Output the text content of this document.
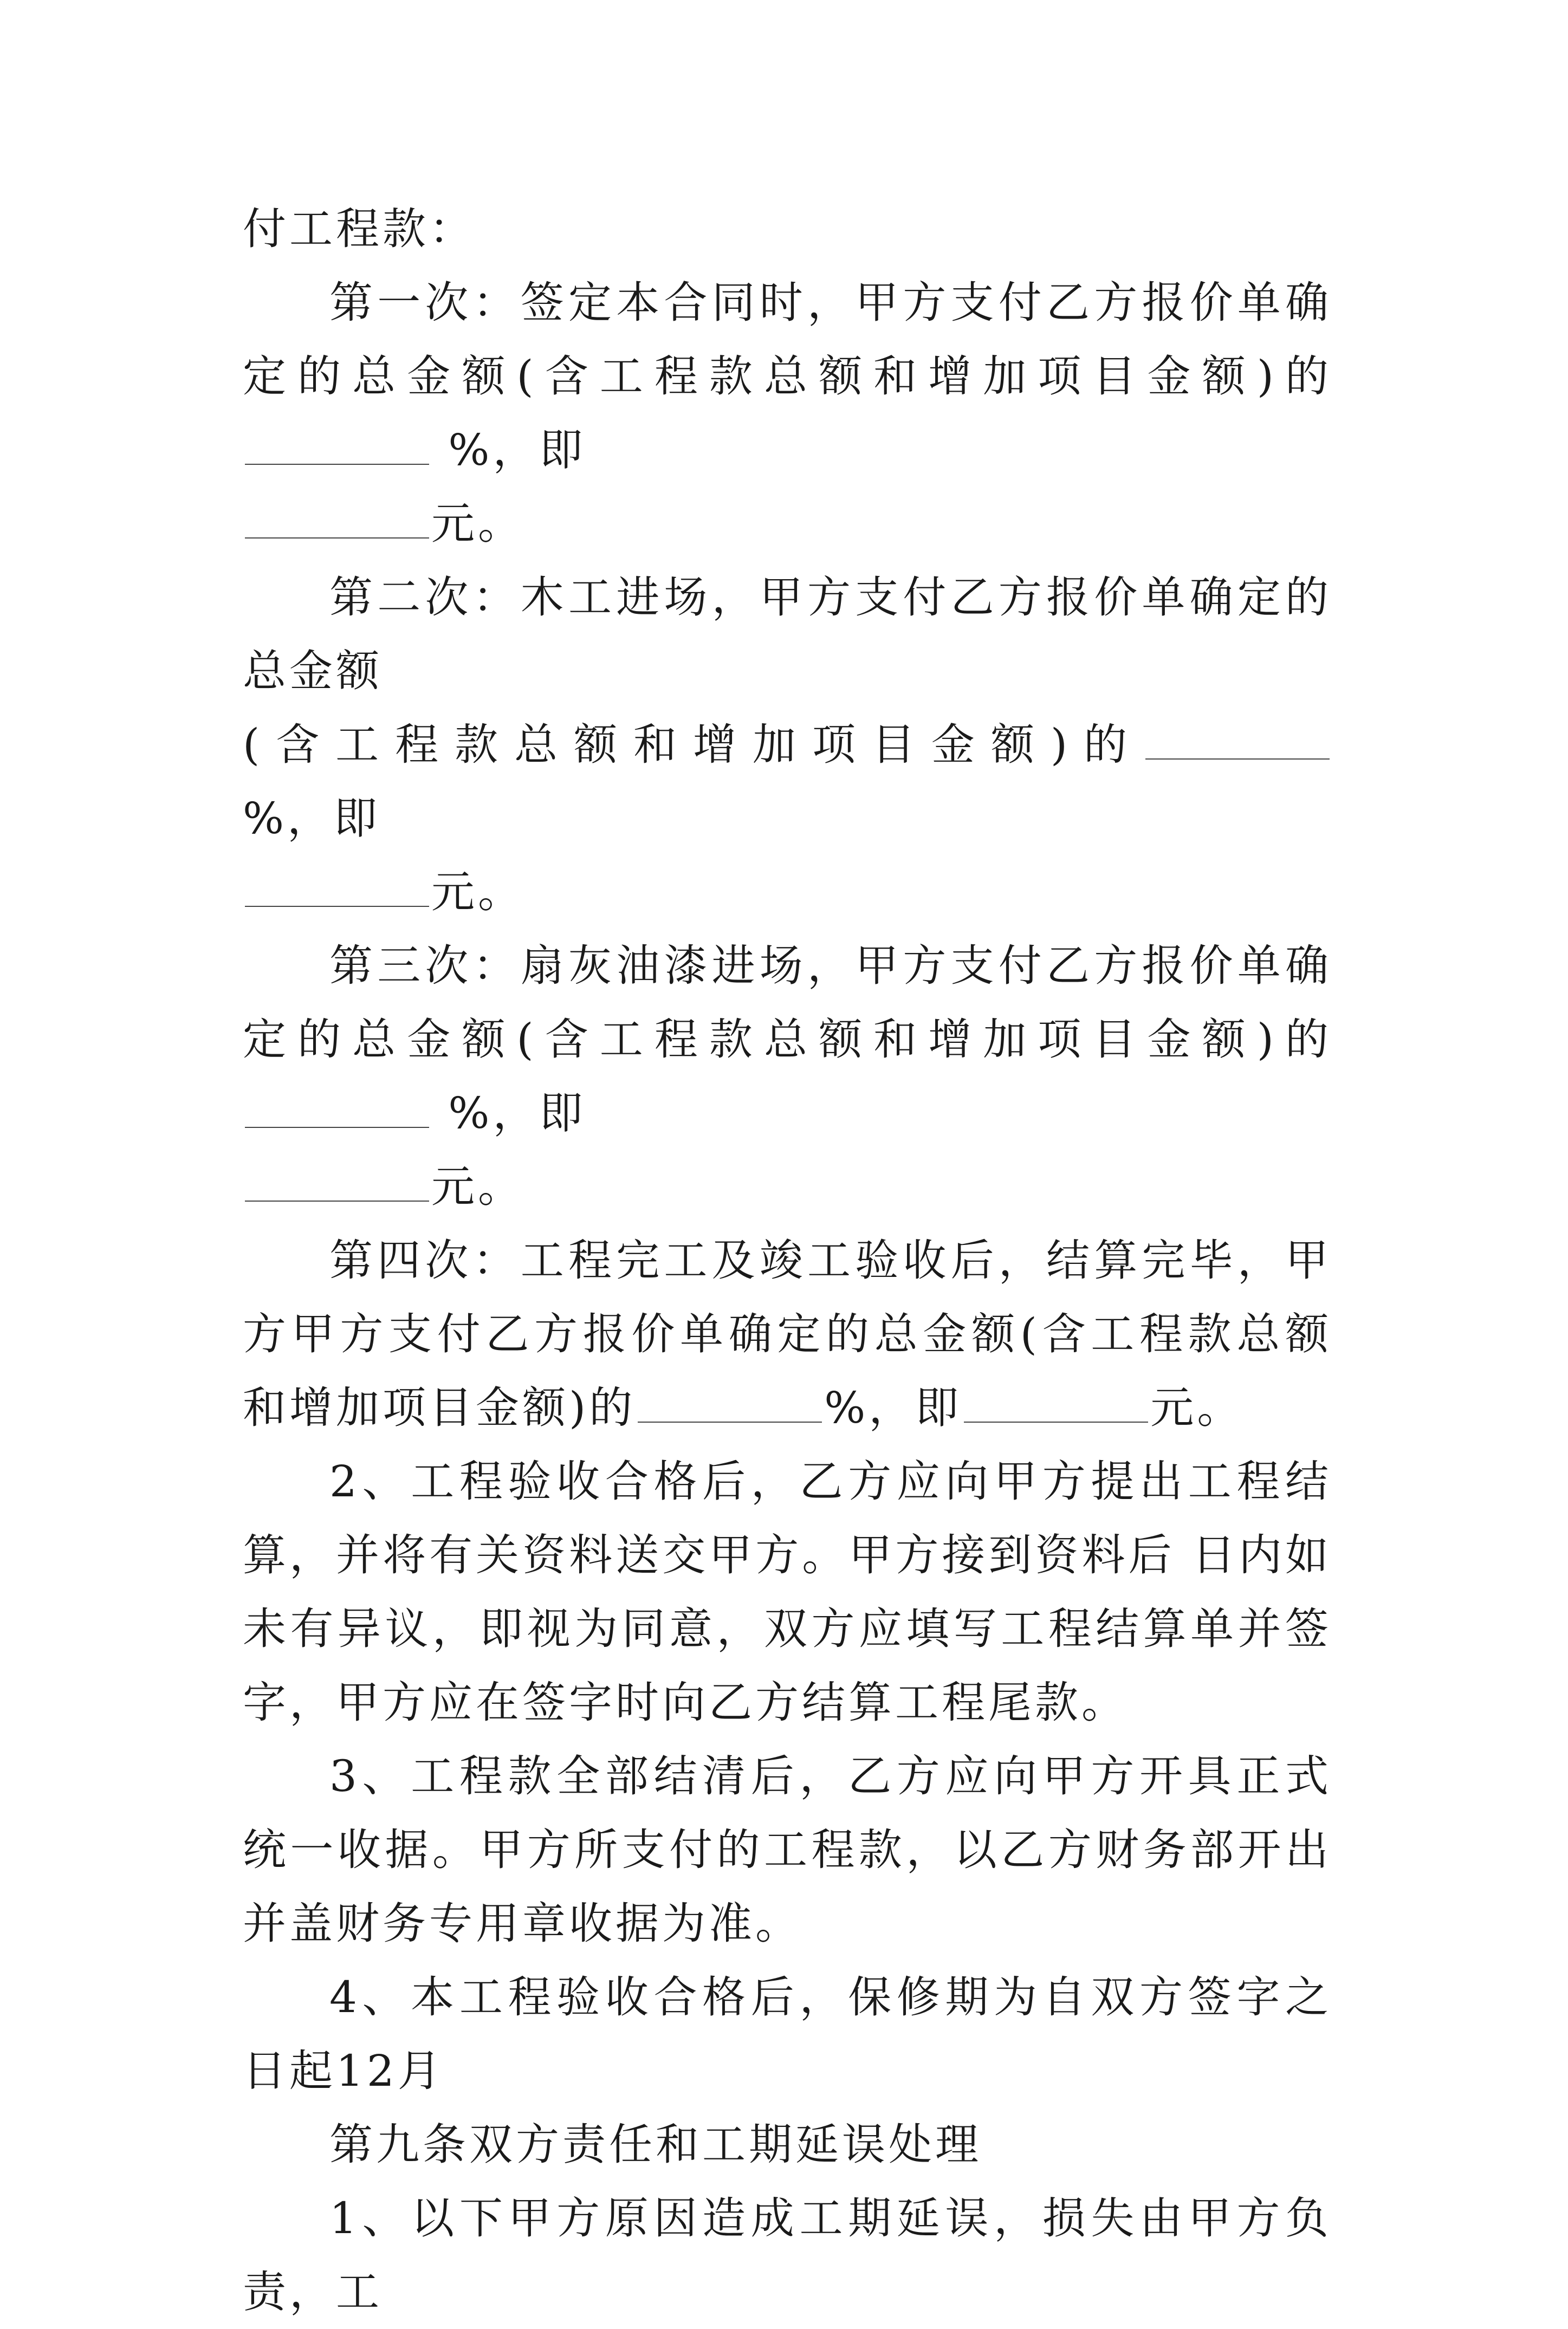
付工程款：

第一次：签定本合同时，甲方支付乙方报价单确定的总金额(含工程款总额和增加项目金额)的 %，即
元。

第二次：木工进场，甲方支付乙方报价单确定的总金额
(含工程款总额和增加项目金额)的%，即
元。

第三次：扇灰油漆进场，甲方支付乙方报价单确定的总金额(含工程款总额和增加项目金额)的 %，即
元。

第四次：工程完工及竣工验收后，结算完毕，甲方甲方支付乙方报价单确定的总金额(含工程款总额和增加项目金额)的	%，即	元。

2、工程验收合格后，乙方应向甲方提出工程结算，并将有关资料送交甲方。甲方接到资料后 日内如未有异议，即视为同意，双方应填写工程结算单并签字，甲方应在签字时向乙方结算工程尾款。

3、工程款全部结清后，乙方应向甲方开具正式统一收据。甲方所支付的工程款，以乙方财务部开出并盖财务专用章收据为准。

4、本工程验收合格后，保修期为自双方签字之日起12月

第九条双方责任和工期延误处理

1、以下甲方原因造成工期延误，损失由甲方负责，工
